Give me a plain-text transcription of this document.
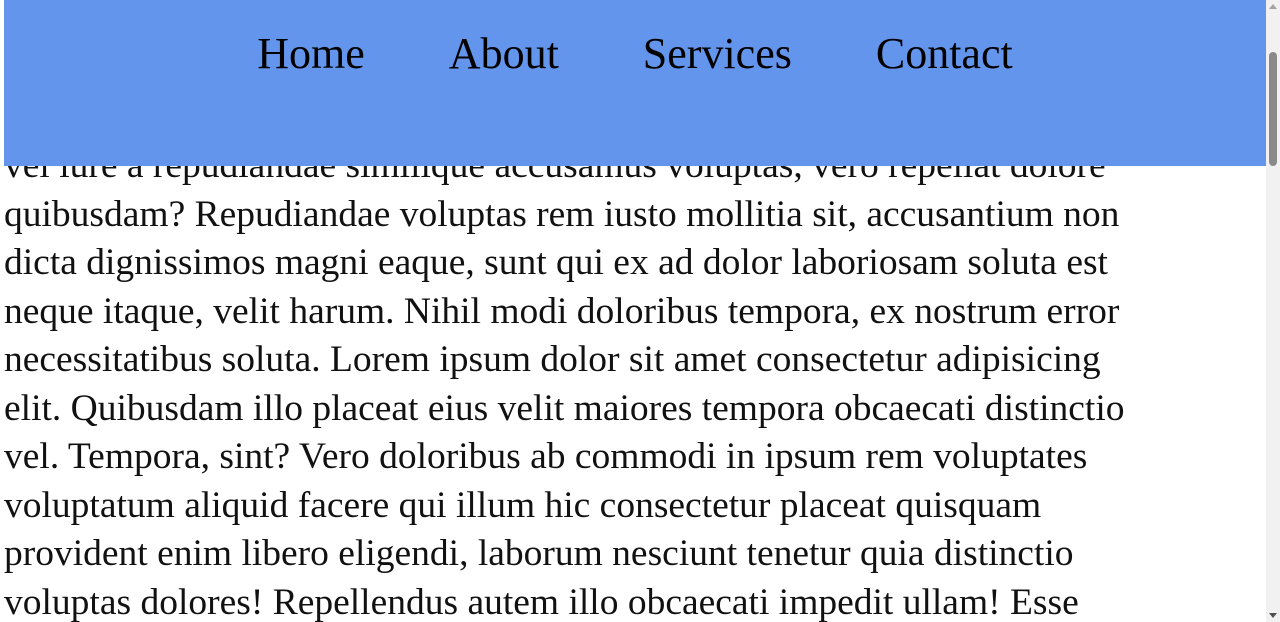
quibusdam? Repudiandae voluptas rem iusto mollitia sit, accusantium non
dicta dignissimos magni eaque, sunt qui ex ad dolor laboriosam soluta est
neque itaque, velit harum. Nihil modi doloribus tempora, ex nostrum error
necessitatibus soluta. Lorem ipsum dolor sit amet consectetur adipisicing
elit. Quibusdam illo placeat eius velit maiores tempora obcaecati distinctio
vel. Tempora, sint? Vero doloribus ab commodi in ipsum rem voluptates
voluptatum aliquid facere qui illum hic consectetur placeat quisquam
provident enim libero eligendi, laborum nesciunt tenetur quia distinctio
voluptas dolores! Repellendus autem illo obcaecati impedit ullam! Esse

Home About Services Contact
